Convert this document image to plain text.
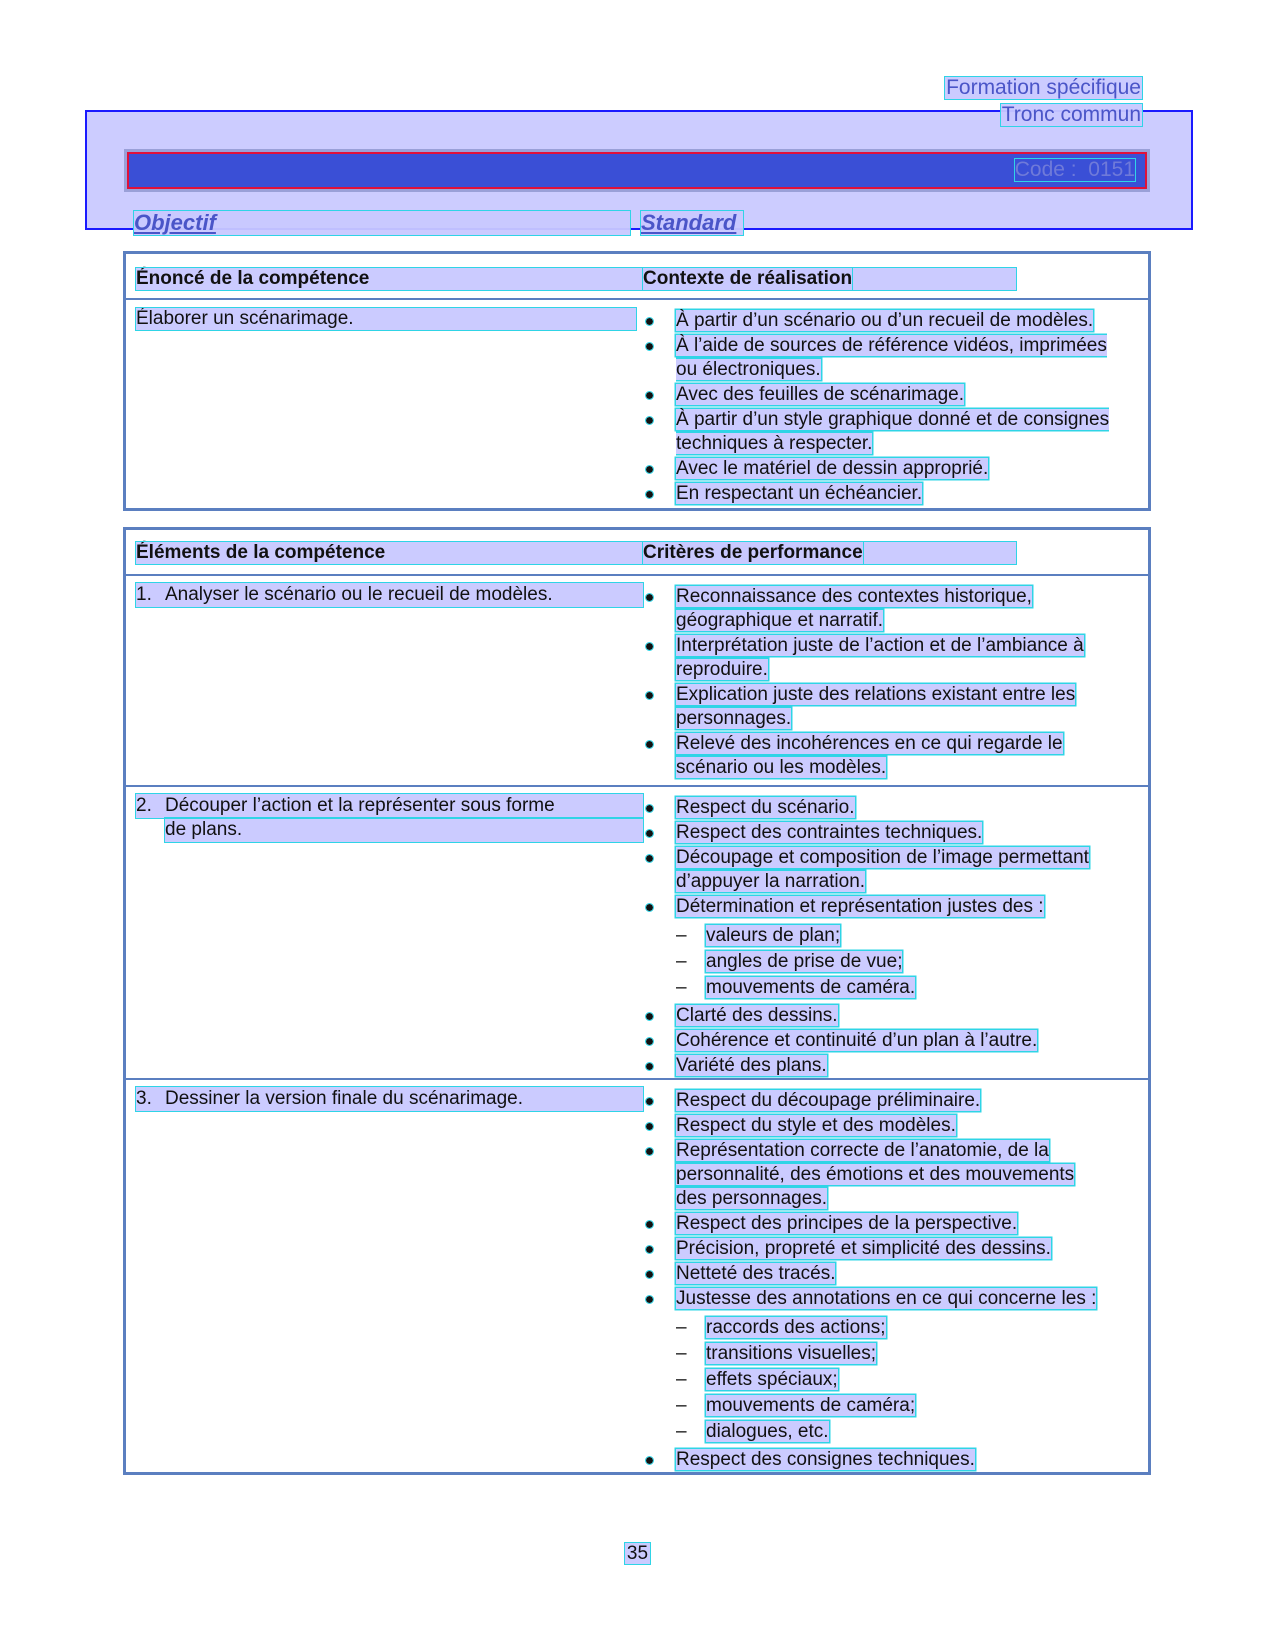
Formation spécifique
Tronc commun
Code : 0151
Objectif	Standard
Énoncé de la compétence	Contexte de réalisation
Élaborer un scénarimage.	À partir d’un scénario ou d’un recueil de modèles.
À l’aide de sources de référence vidéos, imprimées ou électroniques.
Avec des feuilles de scénarimage.
À partir d’un style graphique donné et de consignes techniques à respecter.
Avec le matériel de dessin approprié.
En respectant un échéancier.
Éléments de la compétence	Critères de performance
1. Analyser le scénario ou le recueil de modèles.	Reconnaissance des contextes historique,
géographique et narratif.
Interprétation juste de l’action et de l’ambiance à
reproduire.
Explication juste des relations existant entre les
personnages.
Relevé des incohérences en ce qui regarde le
scénario ou les modèles.
2. Découper l’action et la représenter sous forme
de plans.
Respect du scénario.
Respect des contraintes techniques.
Découpage et composition de l’image permettant
d’appuyer la narration.
Détermination et représentation justes des :
– valeurs de plan;
– angles de prise de vue;
– mouvements de caméra.
Clarté des dessins.
Cohérence et continuité d’un plan à l’autre.
Variété des plans.
3. Dessiner la version finale du scénarimage.	Respect du découpage préliminaire.
Respect du style et des modèles.
Représentation correcte de l’anatomie, de la
personnalité, des émotions et des mouvements
des personnages.
Respect des principes de la perspective.
Précision, propreté et simplicité des dessins.
Netteté des tracés.
Justesse des annotations en ce qui concerne les :
– raccords des actions;
– transitions visuelles;
– effets spéciaux;
– mouvements de caméra;
– dialogues, etc.
Respect des consignes techniques.
35
